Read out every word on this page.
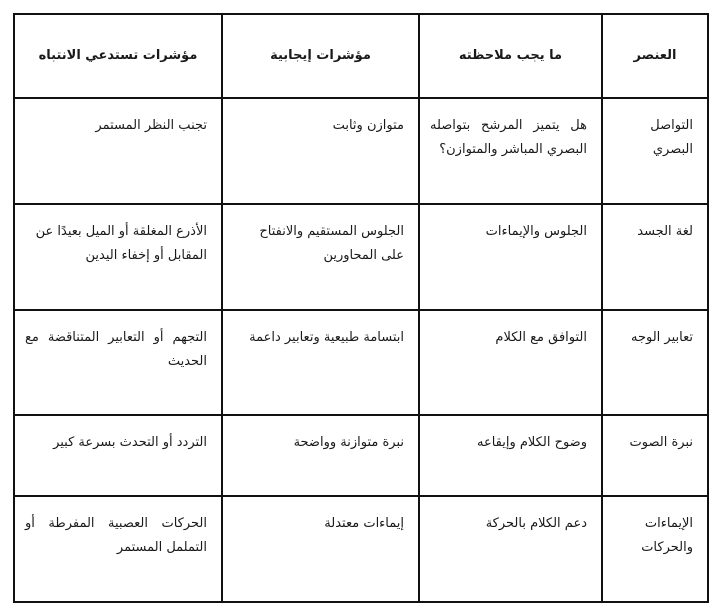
العنصر	ما يجب ملاحظته	مؤشرات إيجابية	مؤشرات تستدعي الانتباه

التواصل البصري	هل يتميز المرشح بتواصله البصري المباشر والمتوازن؟	متوازن وثابت	تجنب النظر المستمر

لغة الجسد	الجلوس والإيماءات	الجلوس المستقيم والانفتاح على المحاورين	الأذرع المغلقة أو الميل بعيدًا عن المقابل أو إخفاء اليدين

تعابير الوجه	التوافق مع الكلام	ابتسامة طبيعية وتعابير داعمة	التجهم أو التعابير المتناقضة مع الحديث

نبرة الصوت	وضوح الكلام وإيقاعه	نبرة متوازنة وواضحة	التردد أو التحدث بسرعة كبير

الإيماءات والحركات	دعم الكلام بالحركة	إيماءات معتدلة	الحركات العصبية المفرطة أو التململ المستمر
